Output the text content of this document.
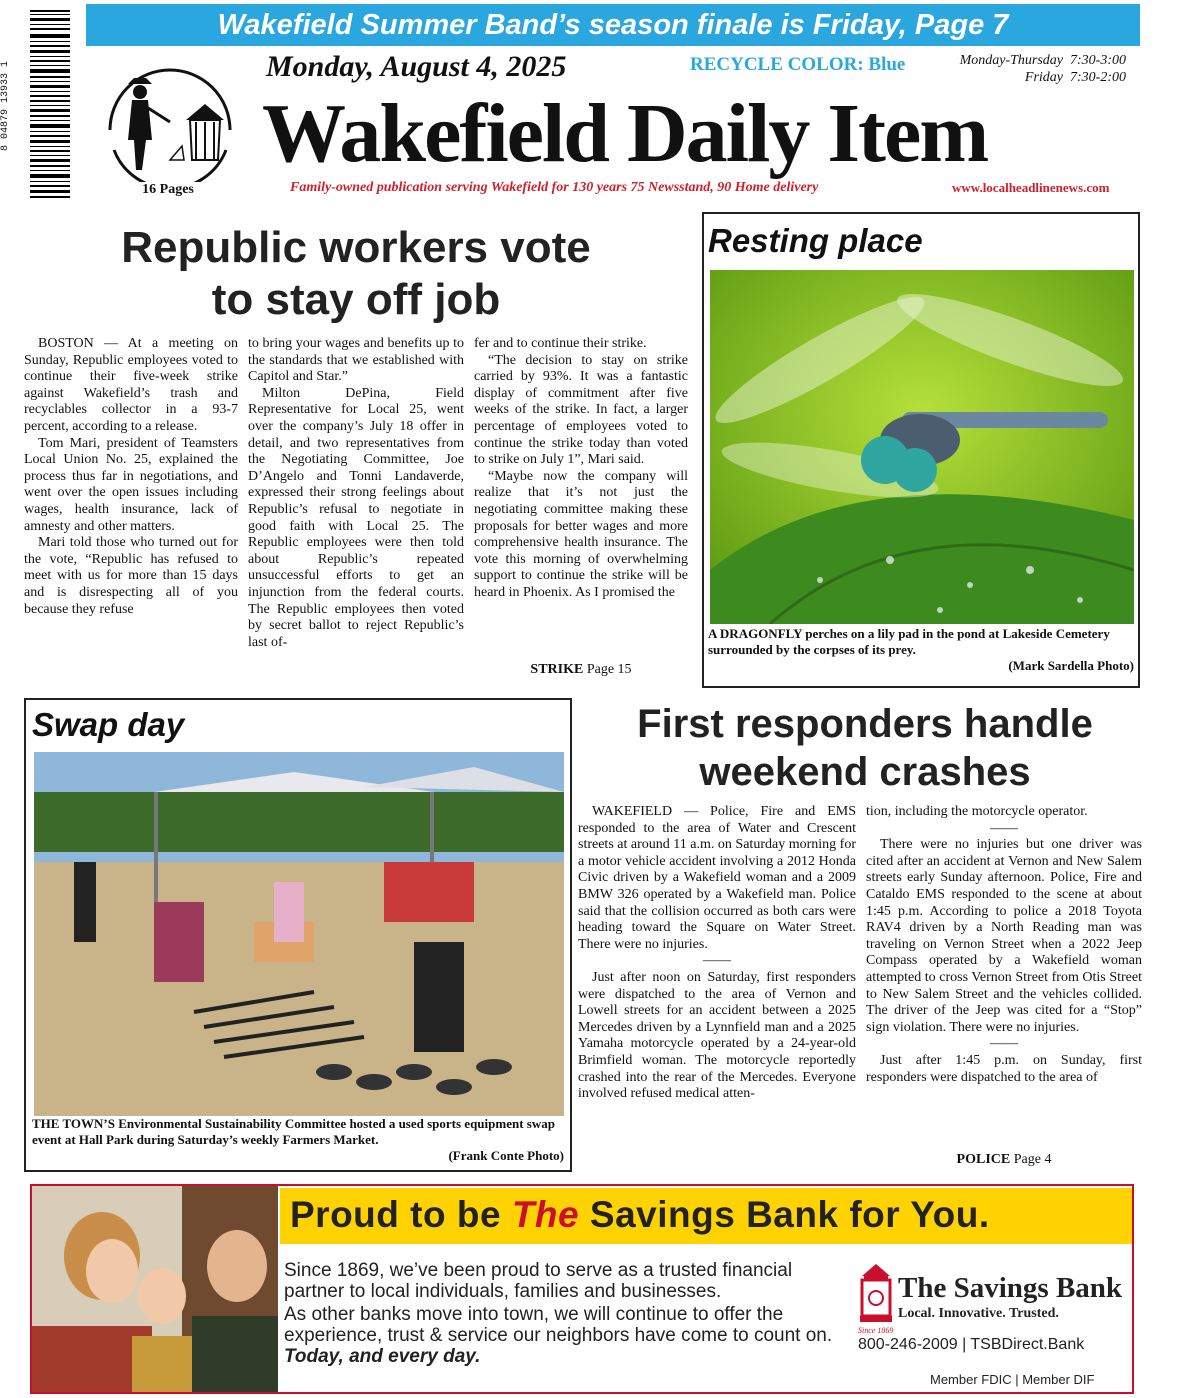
Wakefield Summer Band’s season finale is Friday, Page 7
8 04879 13933 1
16 Pages
Monday, August 4, 2025	RECYCLE COLOR: Blue	Monday-Thursday  7:30-3:00
Friday  7:30-2:00
Wakefield Daily Item
Family-owned publication serving Wakefield for 130 years 75 Newsstand, 90 Home delivery	www.localheadlinenews.com
Republic workers vote
to stay off job

BOSTON — At a meeting on Sunday, Republic employees voted to continue their five-week strike against Wakefield’s trash and recyclables collector in a 93-7 percent, according to a release.

Tom Mari, president of Teamsters Local Union No. 25, explained the process thus far in negotiations, and went over the open issues including wages, health insurance, lack of amnesty and other matters.

Mari told those who turned out for the vote, “Republic has refused to meet with us for more than 15 days and is disrespecting all of you because they refuse

to bring your wages and benefits up to the standards that we established with Capitol and Star.”

Milton DePina, Field Representative for Local 25, went over the company’s July 18 offer in detail, and two representatives from the Negotiating Committee, Joe D’Angelo and Tonni Landaverde, expressed their strong feelings about Republic’s refusal to negotiate in good faith with Local 25. The Republic employees were then told about Republic’s repeated unsuccessful efforts to get an injunction from the federal courts. The Republic employees then voted by secret ballot to reject Republic’s last of-

fer and to continue their strike.

“The decision to stay on strike carried by 93%. It was a fantastic display of commitment after five weeks of the strike. In fact, a larger percentage of employees voted to continue the strike today than voted to strike on July 1”, Mari said.

“Maybe now the company will realize that it’s not just the negotiating committee making these proposals for better wages and more comprehensive health insurance. The vote this morning of overwhelming support to continue the strike will be heard in Phoenix. As I promised the

STRIKE Page 15
Resting place
A DRAGONFLY perches on a lily pad in the pond at Lakeside Cemetery surrounded by the corpses of its prey.
(Mark Sardella Photo)
Swap day
THE TOWN’S Environmental Sustainability Committee hosted a used sports equipment swap event at Hall Park during Saturday’s weekly Farmers Market.
(Frank Conte Photo)
First responders handle
weekend crashes

WAKEFIELD — Police, Fire and EMS responded to the area of Water and Crescent streets at around 11 a.m. on Saturday morning for a motor vehicle accident involving a 2012 Honda Civic driven by a Wakefield woman and a 2009 BMW 326 operated by a Wakefield man. Police said that the collision occurred as both cars were heading toward the Square on Water Street. There were no injuries.

——

Just after noon on Saturday, first responders were dispatched to the area of Vernon and Lowell streets for an accident between a 2025 Mercedes driven by a Lynnfield man and a 2025 Yamaha motorcycle operated by a 24-year-old Brimfield woman. The motorcycle reportedly crashed into the rear of the Mercedes. Everyone involved refused medical atten-

tion, including the motorcycle operator.

——

There were no injuries but one driver was cited after an accident at Vernon and New Salem streets early Sunday afternoon. Police, Fire and Cataldo EMS responded to the scene at about 1:45 p.m. According to police a 2018 Toyota RAV4 driven by a North Reading man was traveling on Vernon Street when a 2022 Jeep Compass operated by a Wakefield woman attempted to cross Vernon Street from Otis Street to New Salem Street and the vehicles collided. The driver of the Jeep was cited for a “Stop” sign violation. There were no injuries.

——

Just after 1:45 p.m. on Sunday, first responders were dispatched to the area of

POLICE Page 4
Proud to be The Savings Bank for You.

Since 1869, we’ve been proud to serve as a trusted financial partner to local individuals, families and businesses.

As other banks move into town, we will continue to offer the experience, trust & service our neighbors have come to count on. Today, and every day.

The Savings Bank
Local. Innovative. Trusted.
Since 1869
800-246-2009 | TSBDirect.Bank
Member FDIC | Member DIF
